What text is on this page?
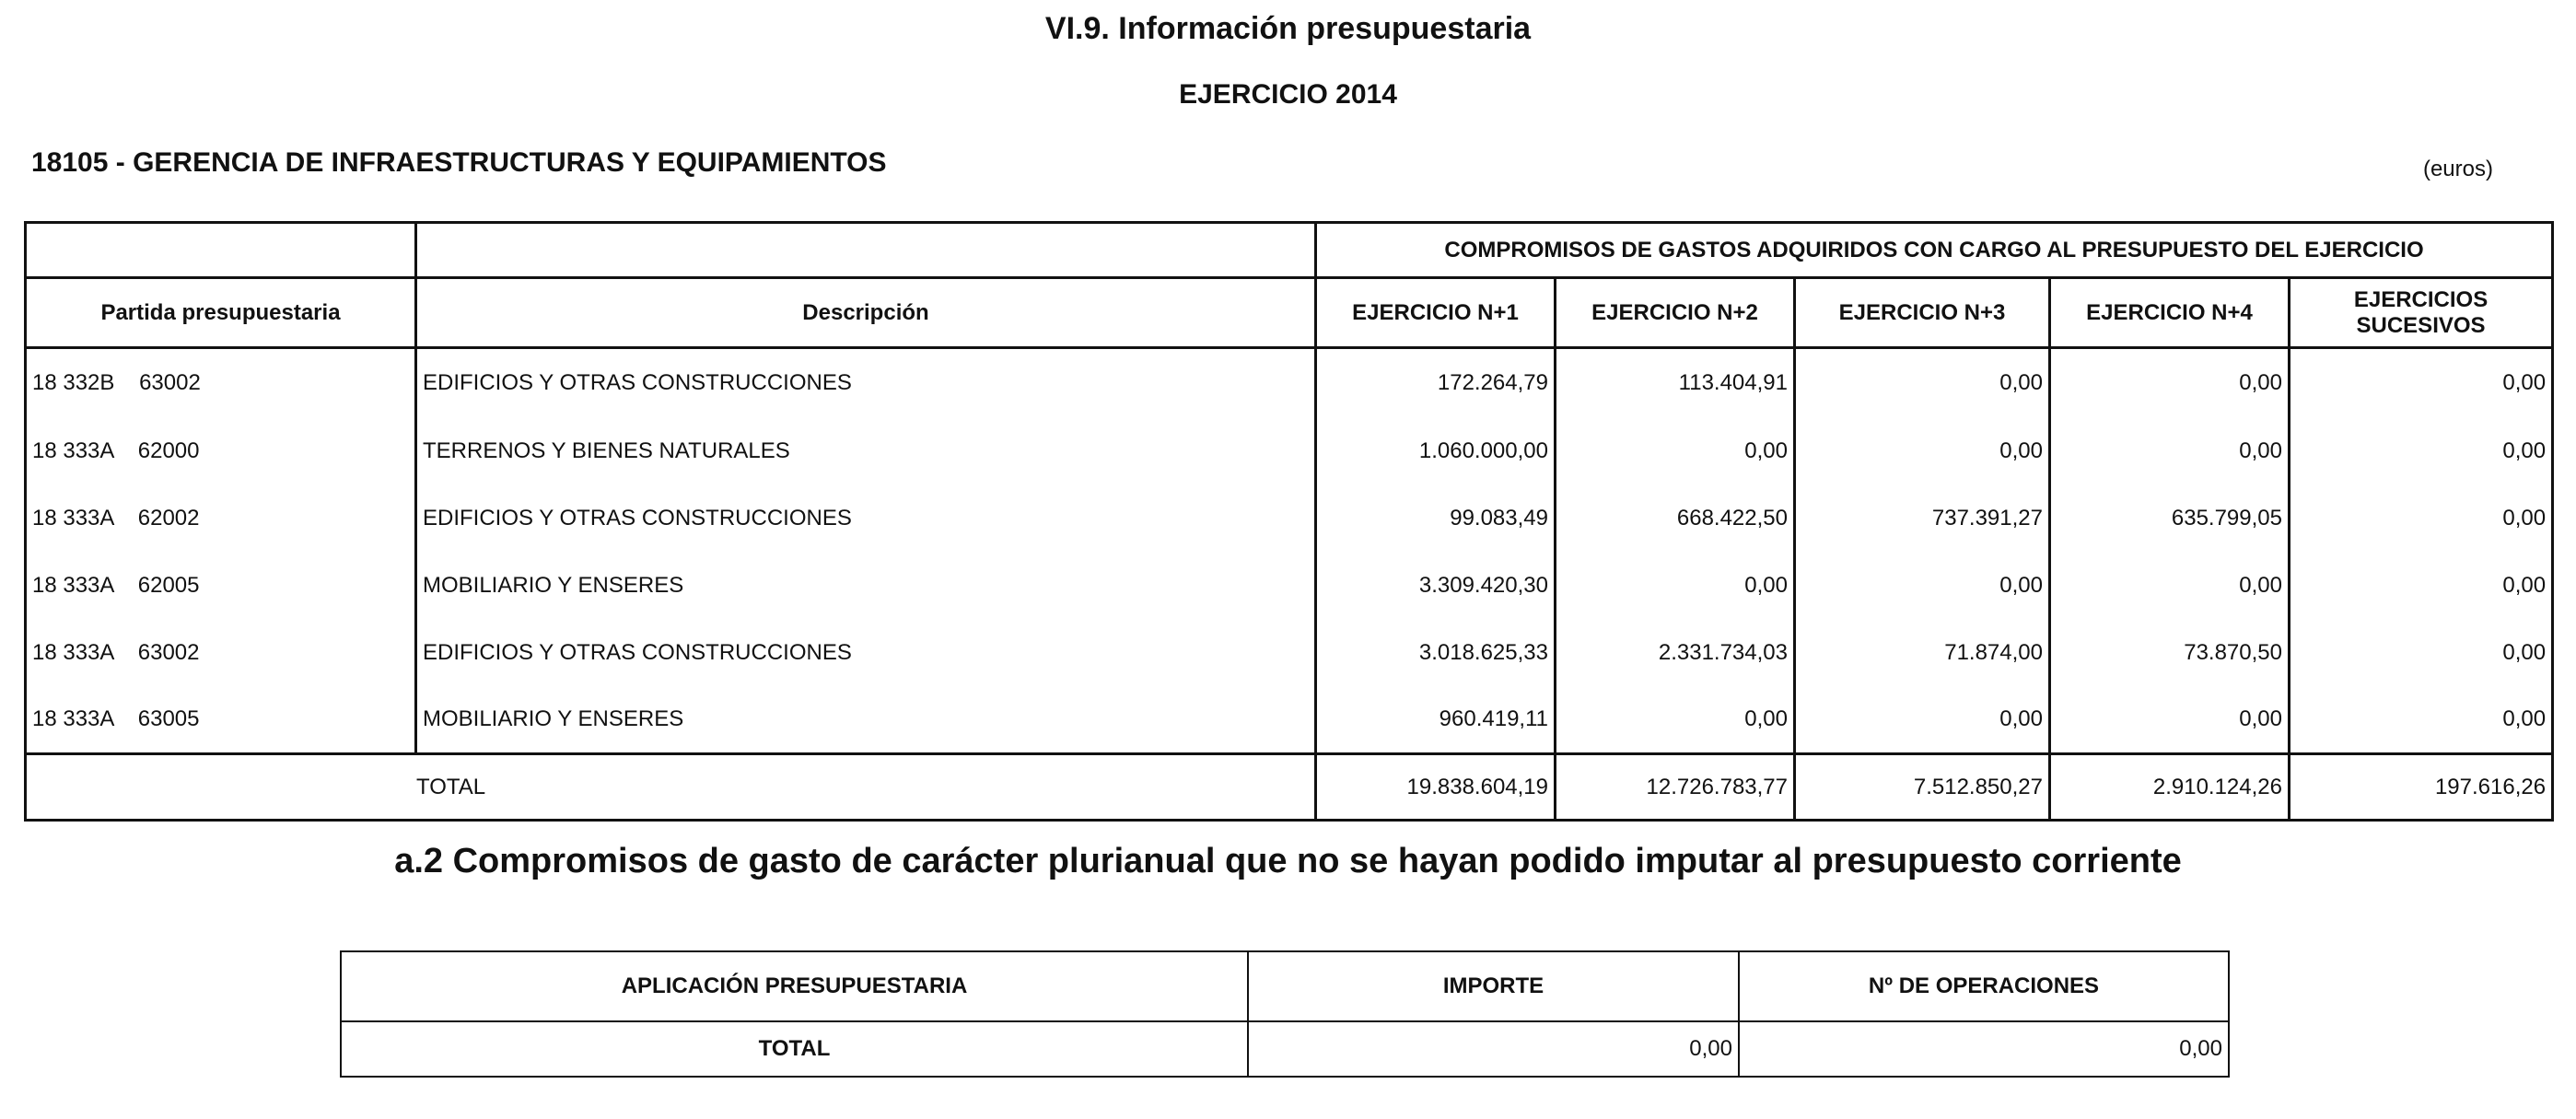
VI.9. Información presupuestaria
EJERCICIO 2014
18105 - GERENCIA DE INFRAESTRUCTURAS Y EQUIPAMIENTOS	(euros)
		COMPROMISOS DE GASTOS ADQUIRIDOS CON CARGO AL PRESUPUESTO DEL EJERCICIO				
Partida presupuestaria	Descripción	EJERCICIO N+1	EJERCICIO N+2	EJERCICIO N+3	EJERCICIO N+4	EJERCICIOS SUCESIVOS
18 332B    63002	EDIFICIOS Y OTRAS CONSTRUCCIONES	172.264,79	113.404,91	0,00	0,00	0,00
18 333A    62000	TERRENOS Y BIENES NATURALES	1.060.000,00	0,00	0,00	0,00	0,00
18 333A    62002	EDIFICIOS Y OTRAS CONSTRUCCIONES	99.083,49	668.422,50	737.391,27	635.799,05	0,00
18 333A    62005	MOBILIARIO Y ENSERES	3.309.420,30	0,00	0,00	0,00	0,00
18 333A    63002	EDIFICIOS Y OTRAS CONSTRUCCIONES	3.018.625,33	2.331.734,03	71.874,00	73.870,50	0,00
18 333A    63005	MOBILIARIO Y ENSERES	960.419,11	0,00	0,00	0,00	0,00
TOTAL		19.838.604,19	12.726.783,77	7.512.850,27	2.910.124,26	197.616,26
a.2 Compromisos de gasto de carácter plurianual que no se hayan podido imputar al presupuesto corriente
APLICACIÓN PRESUPUESTARIA	IMPORTE	Nº DE OPERACIONES
TOTAL	0,00	0,00
